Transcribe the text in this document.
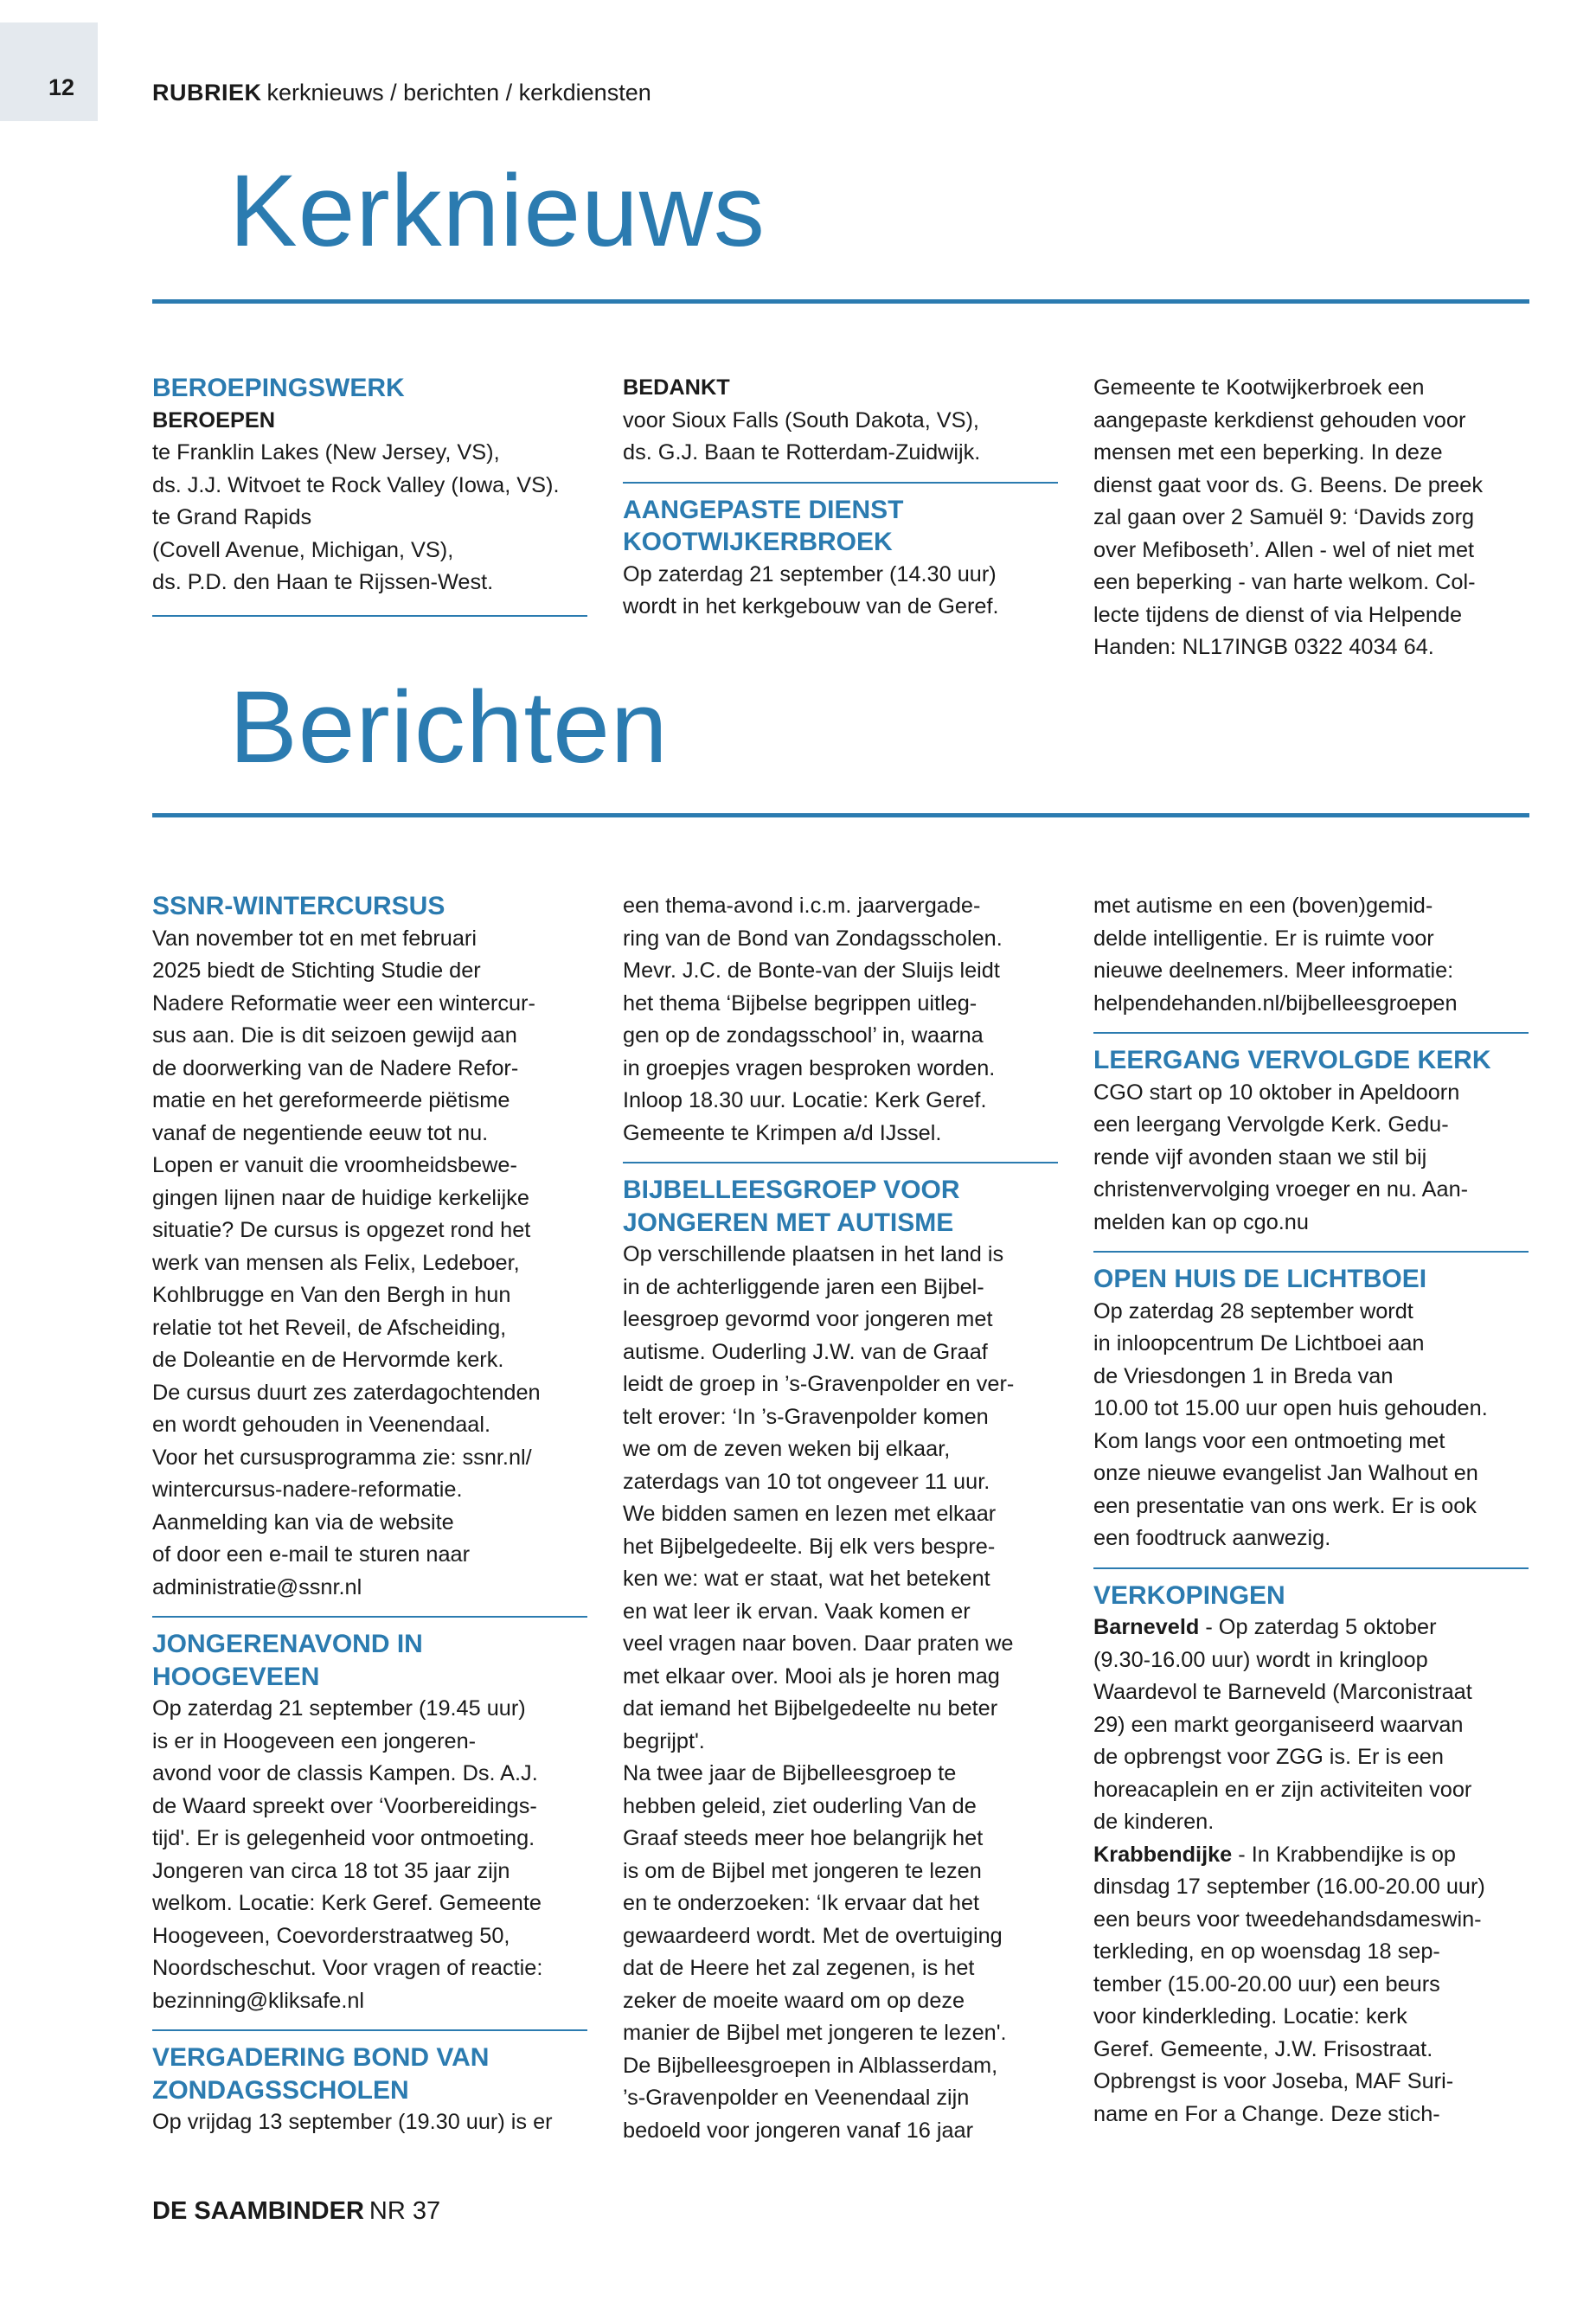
12	RUBRIEK kerknieuws / berichten / kerkdiensten
Kerknieuws
BEROEPINGSWERK
BEROEPEN
te Franklin Lakes (New Jersey, VS),
ds. J.J. Witvoet te Rock Valley (Iowa, VS).
te Grand Rapids
(Covell Avenue, Michigan, VS),
ds. P.D. den Haan te Rijssen-West.
BEDANKT
voor Sioux Falls (South Dakota, VS),
ds. G.J. Baan te Rotterdam-Zuidwijk.
AANGEPASTE DIENST KOOTWIJKERBROEK
Op zaterdag 21 september (14.30 uur)
wordt in het kerkgebouw van de Geref.
Gemeente te Kootwijkerbroek een
aangepaste kerkdienst gehouden voor
mensen met een beperking. In deze
dienst gaat voor ds. G. Beens. De preek
zal gaan over 2 Samuël 9: ‘Davids zorg
over Mefiboseth’. Allen - wel of niet met
een beperking - van harte welkom. Col-
lecte tijdens de dienst of via Helpende
Handen: NL17INGB 0322 4034 64.
Berichten
SSNR-WINTERCURSUS
Van november tot en met februari
2025 biedt de Stichting Studie der
Nadere Reformatie weer een wintercur-
sus aan. Die is dit seizoen gewijd aan
de doorwerking van de Nadere Refor-
matie en het gereformeerde piëtisme
vanaf de negentiende eeuw tot nu.
Lopen er vanuit die vroomheidsbewe-
gingen lijnen naar de huidige kerkelijke
situatie? De cursus is opgezet rond het
werk van mensen als Felix, Ledeboer,
Kohlbrugge en Van den Bergh in hun
relatie tot het Reveil, de Afscheiding,
de Doleantie en de Hervormde kerk.
De cursus duurt zes zaterdagochtenden
en wordt gehouden in Veenendaal.
Voor het cursusprogramma zie: ssnr.nl/
wintercursus-nadere-reformatie.
Aanmelding kan via de website
of door een e-mail te sturen naar
administratie@ssnr.nl
JONGERENAVOND IN HOOGEVEEN
Op zaterdag 21 september (19.45 uur)
is er in Hoogeveen een jongeren-
avond voor de classis Kampen. Ds. A.J.
de Waard spreekt over ‘Voorbereidings-
tijd'. Er is gelegenheid voor ontmoeting.
Jongeren van circa 18 tot 35 jaar zijn
welkom. Locatie: Kerk Geref. Gemeente
Hoogeveen, Coevorderstraatweg 50,
Noordscheschut. Voor vragen of reactie:
bezinning@kliksafe.nl
VERGADERING BOND VAN ZONDAGSSCHOLEN
Op vrijdag 13 september (19.30 uur) is er
een thema-avond i.c.m. jaarvergade-
ring van de Bond van Zondagsscholen.
Mevr. J.C. de Bonte-van der Sluijs leidt
het thema ‘Bijbelse begrippen uitleg-
gen op de zondagsschool’ in, waarna
in groepjes vragen besproken worden.
Inloop 18.30 uur. Locatie: Kerk Geref.
Gemeente te Krimpen a/d IJssel.
BIJBELLEESGROEP VOOR JONGEREN MET AUTISME
Op verschillende plaatsen in het land is
in de achterliggende jaren een Bijbel-
leesgroep gevormd voor jongeren met
autisme. Ouderling J.W. van de Graaf
leidt de groep in ’s-Gravenpolder en ver-
telt erover: ‘In ’s-Gravenpolder komen
we om de zeven weken bij elkaar,
zaterdags van 10 tot ongeveer 11 uur.
We bidden samen en lezen met elkaar
het Bijbelgedeelte. Bij elk vers bespre-
ken we: wat er staat, wat het betekent
en wat leer ik ervan. Vaak komen er
veel vragen naar boven. Daar praten we
met elkaar over. Mooi als je horen mag
dat iemand het Bijbelgedeelte nu beter
begrijpt'.
Na twee jaar de Bijbelleesgroep te
hebben geleid, ziet ouderling Van de
Graaf steeds meer hoe belangrijk het
is om de Bijbel met jongeren te lezen
en te onderzoeken: ‘Ik ervaar dat het
gewaardeerd wordt. Met de overtuiging
dat de Heere het zal zegenen, is het
zeker de moeite waard om op deze
manier de Bijbel met jongeren te lezen'.
De Bijbelleesgroepen in Alblasserdam,
’s-Gravenpolder en Veenendaal zijn
bedoeld voor jongeren vanaf 16 jaar
met autisme en een (boven)gemid-
delde intelligentie. Er is ruimte voor
nieuwe deelnemers. Meer informatie:
helpendehanden.nl/bijbelleesgroepen
LEERGANG VERVOLGDE KERK
CGO start op 10 oktober in Apeldoorn
een leergang Vervolgde Kerk. Gedu-
rende vijf avonden staan we stil bij
christenvervolging vroeger en nu. Aan-
melden kan op cgo.nu
OPEN HUIS DE LICHTBOEI
Op zaterdag 28 september wordt
in inloopcentrum De Lichtboei aan
de Vriesdongen 1 in Breda van
10.00 tot 15.00 uur open huis gehouden.
Kom langs voor een ontmoeting met
onze nieuwe evangelist Jan Walhout en
een presentatie van ons werk. Er is ook
een foodtruck aanwezig.
VERKOPINGEN
Barneveld - Op zaterdag 5 oktober
(9.30-16.00 uur) wordt in kringloop
Waardevol te Barneveld (Marconistraat
29) een markt georganiseerd waarvan
de opbrengst voor ZGG is. Er is een
horeacaplein en er zijn activiteiten voor
de kinderen.
Krabbendijke - In Krabbendijke is op
dinsdag 17 september (16.00-20.00 uur)
een beurs voor tweedehandsdameswin-
terkleding, en op woensdag 18 sep-
tember (15.00-20.00 uur) een beurs
voor kinderkleding. Locatie: kerk
Geref. Gemeente, J.W. Frisostraat.
Opbrengst is voor Joseba, MAF Suri-
name en For a Change. Deze stich-
DE SAAMBINDER NR 37
